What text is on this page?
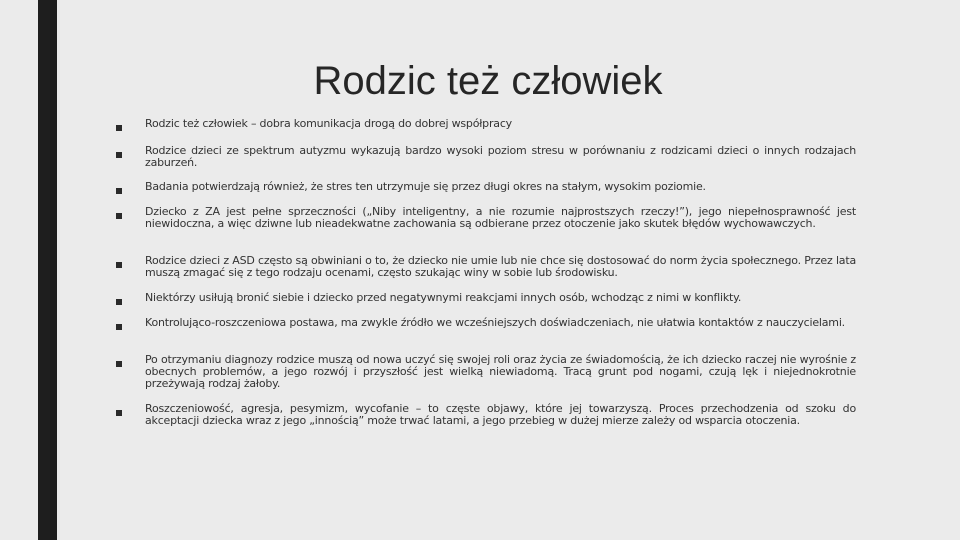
Rodzic też człowiek
Rodzic też człowiek – dobra komunikacja drogą do dobrej współpracy
Rodzice dzieci ze spektrum autyzmu wykazują bardzo wysoki poziom stresu w porównaniu z rodzicami dzieci o innych rodzajach zaburzeń.
Badania potwierdzają również, że stres ten utrzymuje się przez długi okres na stałym, wysokim poziomie.
Dziecko z ZA jest pełne sprzeczności („Niby inteligentny, a nie rozumie najprostszych rzeczy!”), jego niepełnosprawność jest niewidoczna, a więc dziwne lub nieadekwatne zachowania są odbierane przez otoczenie jako skutek błędów wychowawczych.
Rodzice dzieci z ASD często są obwiniani o to, że dziecko nie umie lub nie chce się dostosować do norm życia społecznego. Przez lata muszą zmagać się z tego rodzaju ocenami, często szukając winy w sobie lub środowisku.
Niektórzy usiłują bronić siebie i dziecko przed negatywnymi reakcjami innych osób, wchodząc z nimi w konflikty.
Kontrolująco-roszczeniowa postawa, ma zwykle źródło we wcześniejszych doświadczeniach, nie ułatwia kontaktów z nauczycielami.
Po otrzymaniu diagnozy rodzice muszą od nowa uczyć się swojej roli oraz życia ze świadomością, że ich dziecko raczej nie wyrośnie z obecnych problemów, a jego rozwój i przyszłość jest wielką niewiadomą. Tracą grunt pod nogami, czują lęk i niejednokrotnie przeżywają rodzaj żałoby.
Roszczeniowość, agresja, pesymizm, wycofanie – to częste objawy, które jej towarzyszą. Proces przechodzenia od szoku do akceptacji dziecka wraz z jego „innością” może trwać latami, a jego przebieg w dużej mierze zależy od wsparcia otoczenia.
